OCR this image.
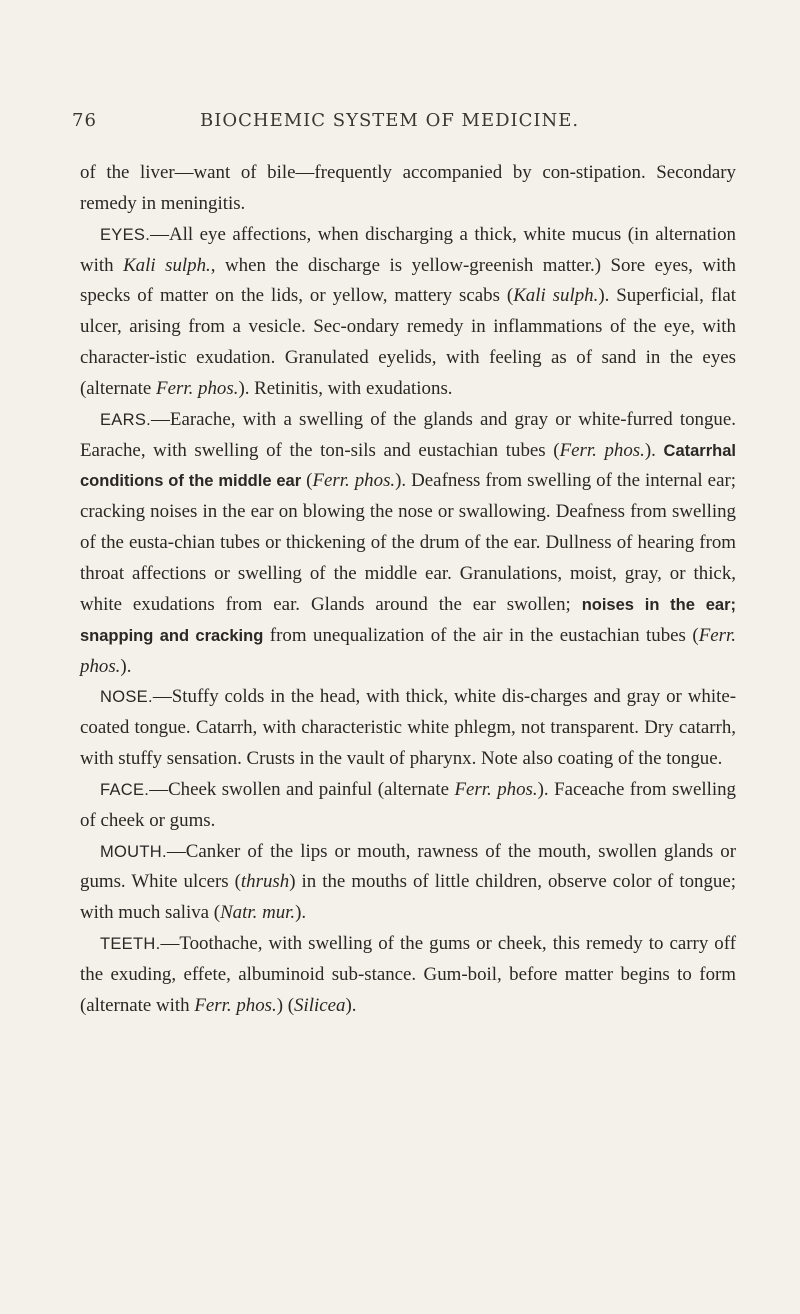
76	BIOCHEMIC SYSTEM OF MEDICINE.

of the liver—want of bile—frequently accompanied by con-stipation. Secondary remedy in meningitis.

EYES.—All eye affections, when discharging a thick, white mucus (in alternation with Kali sulph., when the discharge is yellow-greenish matter.) Sore eyes, with specks of matter on the lids, or yellow, mattery scabs (Kali sulph.). Superficial, flat ulcer, arising from a vesicle. Sec-ondary remedy in inflammations of the eye, with character-istic exudation. Granulated eyelids, with feeling as of sand in the eyes (alternate Ferr. phos.). Retinitis, with exudations.

EARS.—Earache, with a swelling of the glands and gray or white-furred tongue. Earache, with swelling of the ton-sils and eustachian tubes (Ferr. phos.). Catarrhal conditions of the middle ear (Ferr. phos.). Deafness from swelling of the internal ear; cracking noises in the ear on blowing the nose or swallowing. Deafness from swelling of the eusta-chian tubes or thickening of the drum of the ear. Dullness of hearing from throat affections or swelling of the middle ear. Granulations, moist, gray, or thick, white exudations from ear. Glands around the ear swollen; noises in the ear; snapping and cracking from unequalization of the air in the eustachian tubes (Ferr. phos.).

NOSE.—Stuffy colds in the head, with thick, white dis-charges and gray or white-coated tongue. Catarrh, with characteristic white phlegm, not transparent. Dry catarrh, with stuffy sensation. Crusts in the vault of pharynx. Note also coating of the tongue.

FACE.—Cheek swollen and painful (alternate Ferr. phos.). Faceache from swelling of cheek or gums.

MOUTH.—Canker of the lips or mouth, rawness of the mouth, swollen glands or gums. White ulcers (thrush) in the mouths of little children, observe color of tongue; with much saliva (Natr. mur.).

TEETH.—Toothache, with swelling of the gums or cheek, this remedy to carry off the exuding, effete, albuminoid sub-stance. Gum-boil, before matter begins to form (alternate with Ferr. phos.) (Silicea).
